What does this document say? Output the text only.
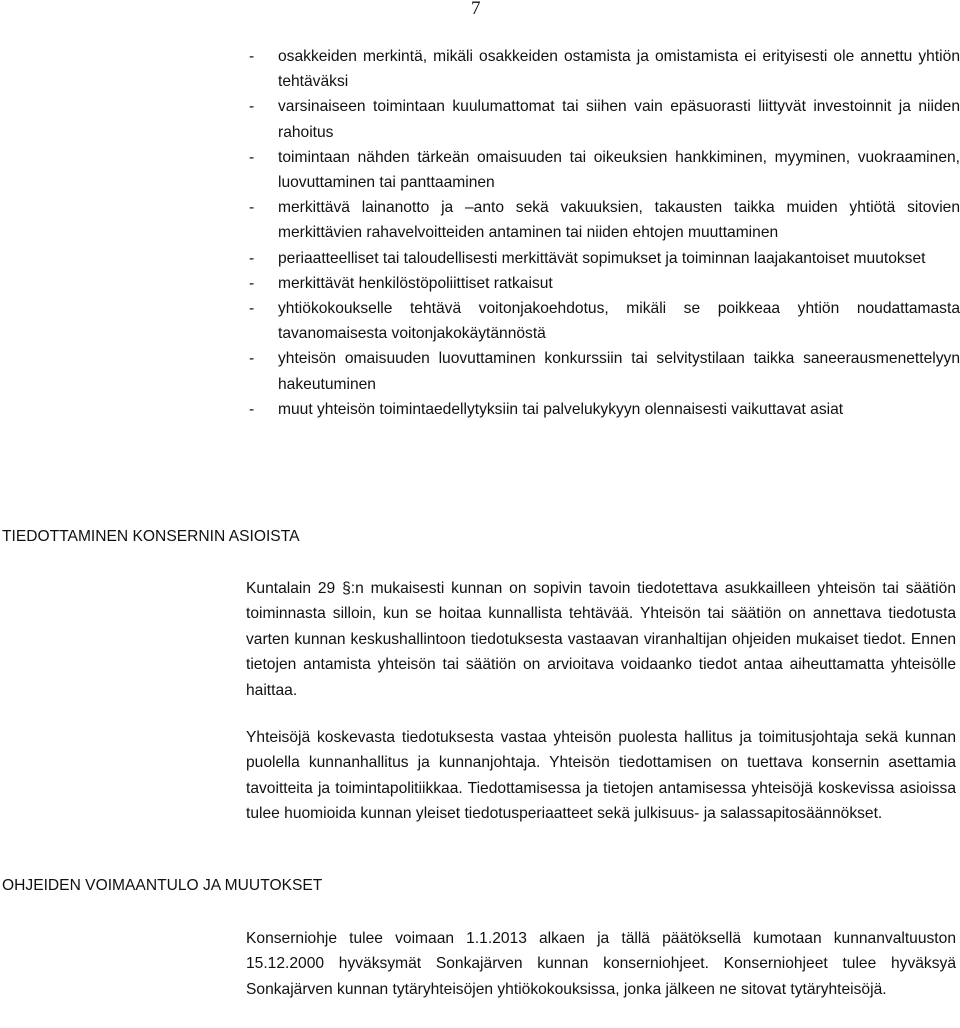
7
- osakkeiden merkintä, mikäli osakkeiden ostamista ja omistamista ei erityisesti ole annettu yhtiön tehtäväksi
- varsinaiseen toimintaan kuulumattomat tai siihen vain epäsuorasti liittyvät investoinnit ja niiden rahoitus
- toimintaan nähden tärkeän omaisuuden tai oikeuksien hankkiminen, myyminen, vuokraaminen, luovuttaminen tai panttaaminen
- merkittävä lainanotto ja –anto sekä vakuuksien, takausten taikka muiden yhtiötä sitovien merkittävien rahavelvoitteiden antaminen tai niiden ehtojen muuttaminen
- periaatteelliset tai taloudellisesti merkittävät sopimukset ja toiminnan laajakantoiset muutokset
- merkittävät henkilöstöpoliittiset ratkaisut
- yhtiökokoukselle tehtävä voitonjakoehdotus, mikäli se poikkeaa yhtiön noudattamasta tavanomaisesta voitonjakokäytännöstä
- yhteisön omaisuuden luovuttaminen konkurssiin tai selvitystilaan taikka saneerausmenettelyyn hakeutuminen
- muut yhteisön toimintaedellytyksiin tai palvelukykyyn olennaisesti vaikuttavat asiat
TIEDOTTAMINEN KONSERNIN ASIOISTA

Kuntalain 29 §:n mukaisesti kunnan on sopivin tavoin tiedotettava asukkailleen yhteisön tai säätiön toiminnasta silloin, kun se hoitaa kunnallista tehtävää. Yhteisön tai säätiön on annettava tiedotusta varten kunnan keskushallintoon tiedotuksesta vastaavan viranhaltijan ohjeiden mukaiset tiedot. Ennen tietojen antamista yhteisön tai säätiön on arvioitava voidaanko tiedot antaa aiheuttamatta yhteisölle haittaa.

Yhteisöjä koskevasta tiedotuksesta vastaa yhteisön puolesta hallitus ja toimitusjohtaja sekä kunnan puolella kunnanhallitus ja kunnanjohtaja. Yhteisön tiedottamisen on tuettava konsernin asettamia tavoitteita ja toimintapolitiikkaa. Tiedottamisessa ja tietojen antamisessa yhteisöjä koskevissa asioissa tulee huomioida kunnan yleiset tiedotusperiaatteet sekä julkisuus- ja salassapitosäännökset.

OHJEIDEN VOIMAANTULO JA MUUTOKSET

Konserniohje tulee voimaan 1.1.2013 alkaen ja tällä päätöksellä kumotaan kunnanvaltuuston 15.12.2000 hyväksymät Sonkajärven kunnan konserniohjeet. Konserniohjeet tulee hyväksyä Sonkajärven kunnan tytäryhteisöjen yhtiökokouksissa, jonka jälkeen ne sitovat tytäryhteisöjä.
